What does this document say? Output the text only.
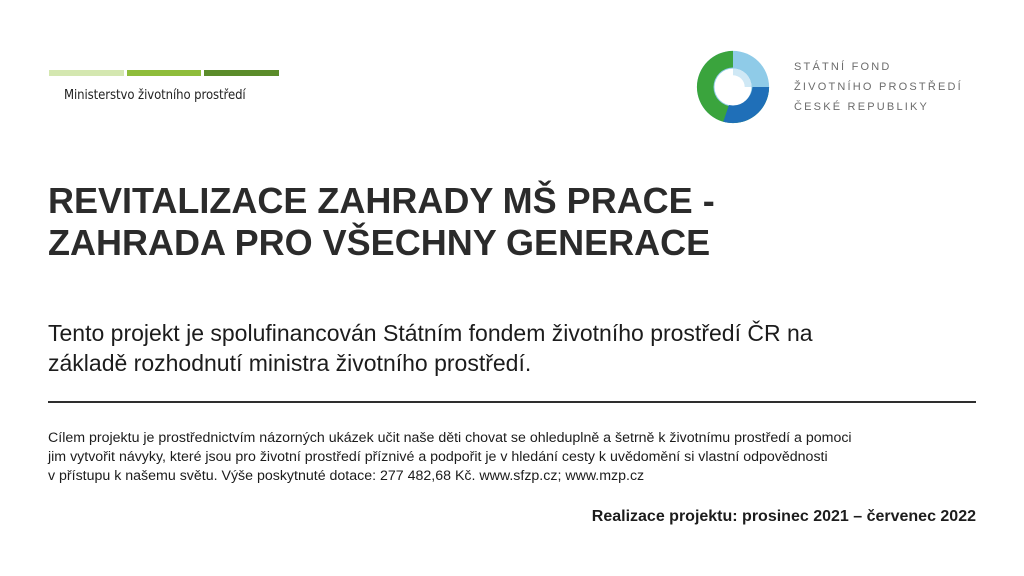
Ministerstvo životního prostředí
STÁTNÍ FOND
ŽIVOTNÍHO PROSTŘEDÍ
ČESKÉ REPUBLIKY
REVITALIZACE ZAHRADY MŠ PRACE -
ZAHRADA PRO VŠECHNY GENERACE
Tento projekt je spolufinancován Státním fondem životního prostředí ČR na
základě rozhodnutí ministra životního prostředí.
Cílem projektu je prostřednictvím názorných ukázek učit naše děti chovat se ohleduplně a šetrně k životnímu prostředí a pomoci
jim vytvořit návyky, které jsou pro životní prostředí příznivé a podpořit je v hledání cesty k uvědomění si vlastní odpovědnosti
v přístupu k našemu světu. Výše poskytnuté dotace: 277 482,68 Kč. www.sfzp.cz; www.mzp.cz
Realizace projektu: prosinec 2021 – červenec 2022
